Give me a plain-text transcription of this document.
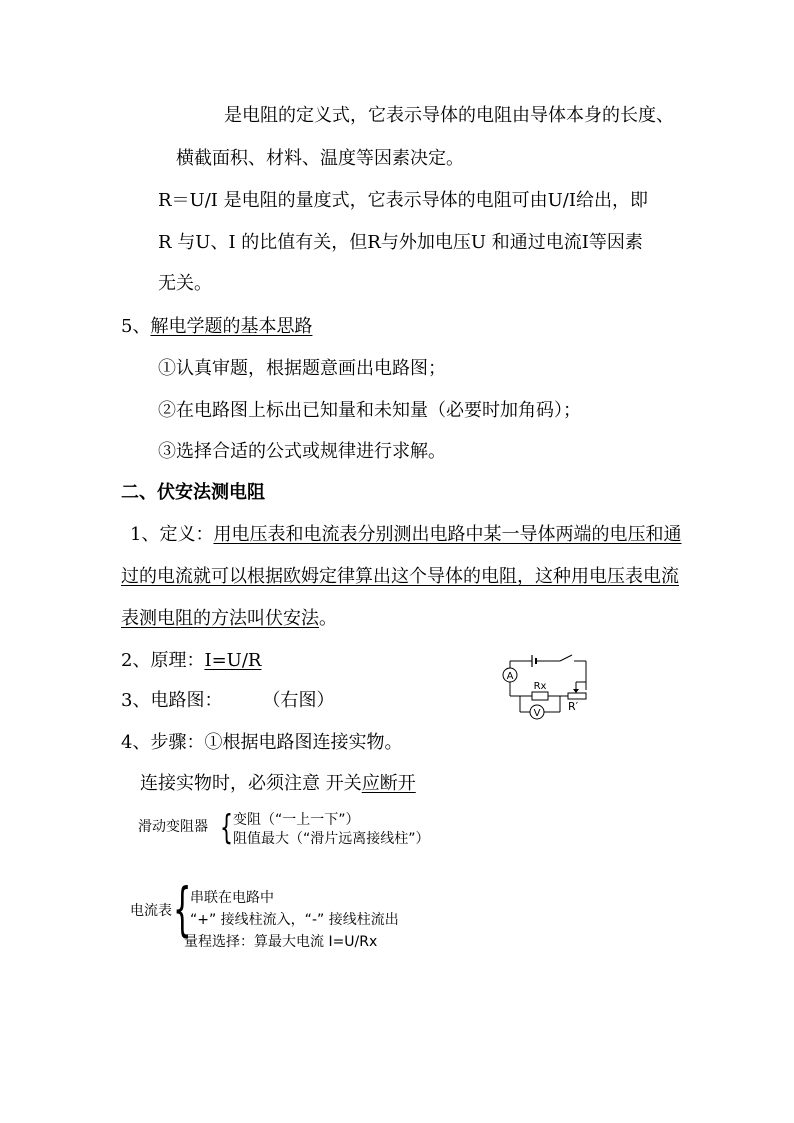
是电阻的定义式，它表示导体的电阻由导体本身的长度、
横截面积、材料、温度等因素决定。
R＝U/I 是电阻的量度式，它表示导体的电阻可由U/I给出，即
R 与U、I 的比值有关，但R与外加电压U 和通过电流I等因素
无关。
5、解电学题的基本思路
①认真审题，根据题意画出电路图；
②在电路图上标出已知量和未知量（必要时加角码）；
③选择合适的公式或规律进行求解。
二、伏安法测电阻
1、定义：用电压表和电流表分别测出电路中某一导体两端的电压和通
过的电流就可以根据欧姆定律算出这个导体的电阻，这种用电压表电流
表测电阻的方法叫伏安法。
2、原理：I=U/R
3、电路图： （右图）
4、步骤：①根据电路图连接实物。
连接实物时，必须注意 开关应断开
A
V
Rx
R′
滑动变阻器 { 变阻（“一上一下”）
阻值最大（“滑片远离接线柱”）
电流表 {
串联在电路中
“+” 接线柱流入，“-” 接线柱流出
量程选择：算最大电流 I=U/Rx
